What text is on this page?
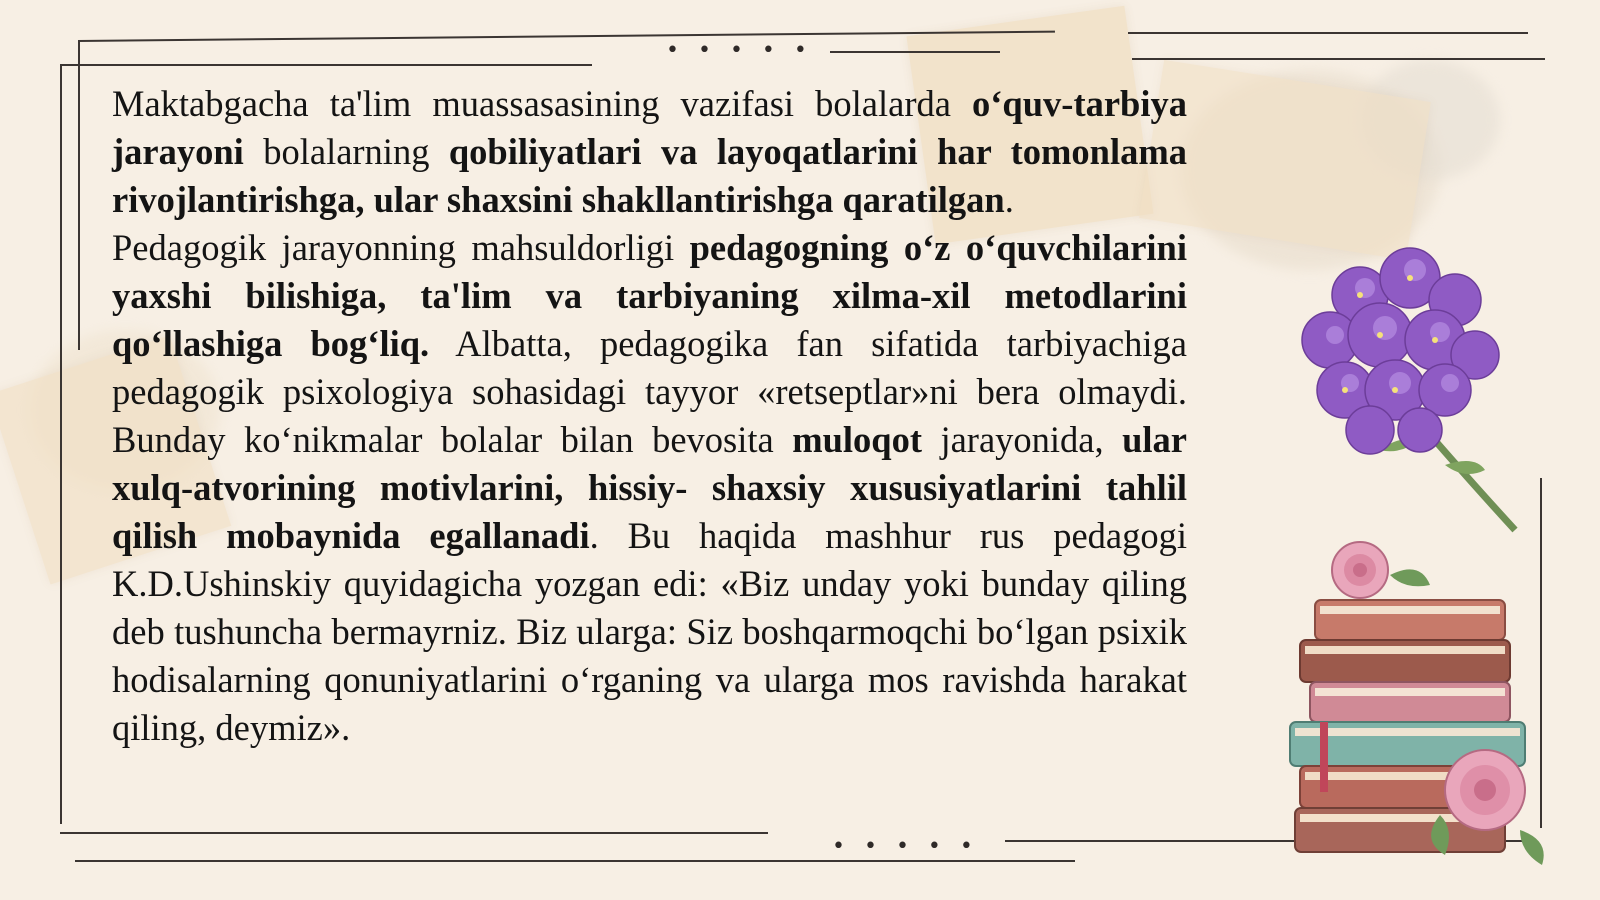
• • • • •
• • • • •

Maktabgacha ta'lim muassasasining vazifasi bolalarda o‘quv-tarbiya jarayoni bolalarning qobiliyatlari va layoqatlarini har tomonlama rivojlantirishga, ular shaxsini shakllantirishga qaratilgan.

Pedagogik jarayonning mahsuldorligi pedagogning o‘z o‘quvchilarini yaxshi bilishiga, ta'lim va tarbiyaning xilma-xil metodlarini qo‘llashiga bog‘liq. Albatta, pedagogika fan sifatida tarbiyachiga pedagogik psixologiya sohasidagi tayyor «retseptlar»ni bera olmaydi. Bunday ko‘nikmalar bolalar bilan bevosita muloqot jarayonida, ular xulq-atvorining motivlarini, hissiy- shaxsiy xususiyatlarini tahlil qilish mobaynida egallanadi. Bu haqida mashhur rus pedagogi K.D.Ushinskiy quyidagicha yozgan edi: «Biz unday yoki bunday qiling deb tushuncha bermayrniz. Biz ularga: Siz boshqarmoqchi bo‘lgan psixik hodisalarning qonuniyatlarini o‘rganing va ularga mos ravishda harakat qiling, deymiz».
